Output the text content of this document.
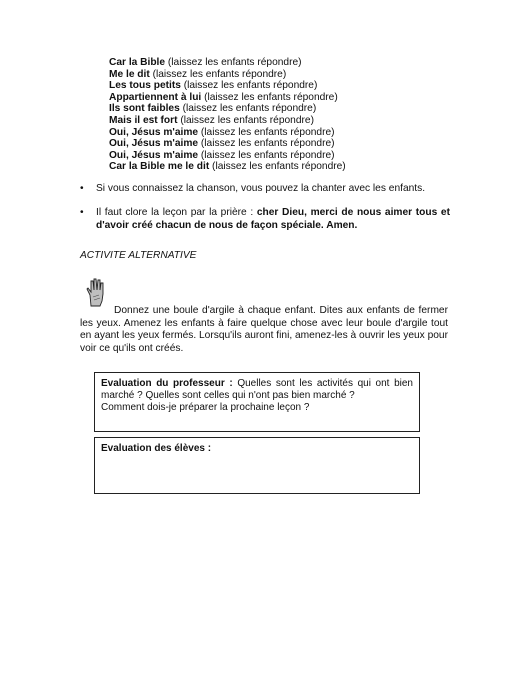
Car la Bible (laissez les enfants répondre)
Me le dit (laissez les enfants répondre)
Les tous petits (laissez les enfants répondre)
Appartiennent à lui (laissez les enfants répondre)
Ils sont faibles (laissez les enfants répondre)
Mais il est fort (laissez les enfants répondre)
Oui, Jésus m'aime (laissez les enfants répondre)
Oui, Jésus m'aime (laissez les enfants répondre)
Oui, Jésus m'aime (laissez les enfants répondre)
Car la Bible me le dit (laissez les enfants répondre)
• Si vous connaissez la chanson, vous pouvez la chanter avec les enfants.
• Il faut clore la leçon par la prière : cher Dieu, merci de nous aimer tous et d'avoir créé chacun de nous de façon spéciale. Amen.
ACTIVITE ALTERNATIVE
Donnez une boule d'argile à chaque enfant. Dites aux enfants de fermer les yeux. Amenez les enfants à faire quelque chose avec leur boule d'argile tout en ayant les yeux fermés. Lorsqu'ils auront fini, amenez-les à ouvrir les yeux pour voir ce qu'ils ont créés.
Evaluation du professeur : Quelles sont les activités qui ont bien marché ? Quelles sont celles qui n'ont pas bien marché ?
Comment dois-je préparer la prochaine leçon ?
Evaluation des élèves :
